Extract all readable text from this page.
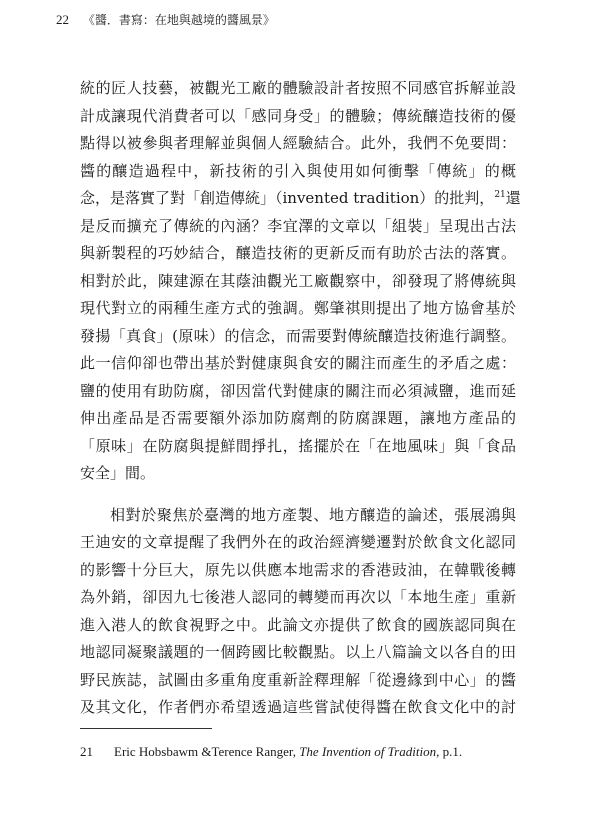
22 《醬．書寫：在地與越境的醬風景》
統的匠人技藝，被觀光工廠的體驗設計者按照不同感官拆解並設
計成讓現代消費者可以「感同身受」的體驗；傳統釀造技術的優
點得以被參與者理解並與個人經驗結合。此外，我們不免要問：
醬的釀造過程中，新技術的引入與使用如何衝擊「傳統」的概
念，是落實了對「創造傳統」（invented tradition）的批判，$^{21}$還
是反而擴充了傳統的內涵？李宜澤的文章以「組裝」呈現出古法
與新製程的巧妙結合，釀造技術的更新反而有助於古法的落實。
相對於此，陳建源在其蔭油觀光工廠觀察中，卻發現了將傳統與
現代對立的兩種生產方式的強調。鄭肇祺則提出了地方協會基於
發揚「真食」(原味）的信念，而需要對傳統釀造技術進行調整。
此一信仰卻也帶出基於對健康與食安的關注而產生的矛盾之處：
鹽的使用有助防腐，卻因當代對健康的關注而必須減鹽，進而延
伸出產品是否需要額外添加防腐劑的防腐課題，讓地方產品的
「原味」在防腐與提鮮間掙扎，搖擺於在「在地風味」與「食品
安全」間。
相對於聚焦於臺灣的地方產製、地方釀造的論述，張展鴻與
王迪安的文章提醒了我們外在的政治經濟變遷對於飲食文化認同
的影響十分巨大，原先以供應本地需求的香港豉油，在韓戰後轉
為外銷，卻因九七後港人認同的轉變而再次以「本地生產」重新
進入港人的飲食視野之中。此論文亦提供了飲食的國族認同與在
地認同凝聚議題的一個跨國比較觀點。以上八篇論文以各自的田
野民族誌，試圖由多重角度重新詮釋理解「從邊緣到中心」的醬
及其文化，作者們亦希望透過這些嘗試使得醬在飲食文化中的討
21 Eric Hobsbawm &Terence Ranger, The Invention of Tradition, p.1.
